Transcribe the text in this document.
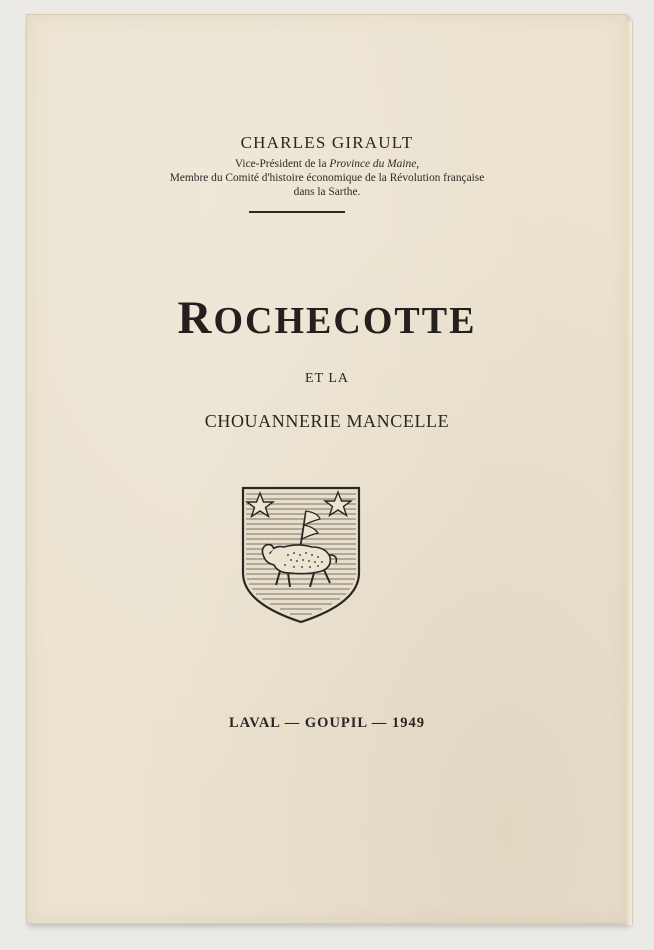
CHARLES GIRAULT
Vice-Président de la Province du Maine,
Membre du Comité d'histoire économique de la Révolution française
dans la Sarthe.
ROCHECOTTE
ET LA
CHOUANNERIE MANCELLE
LAVAL — GOUPIL — 1949
